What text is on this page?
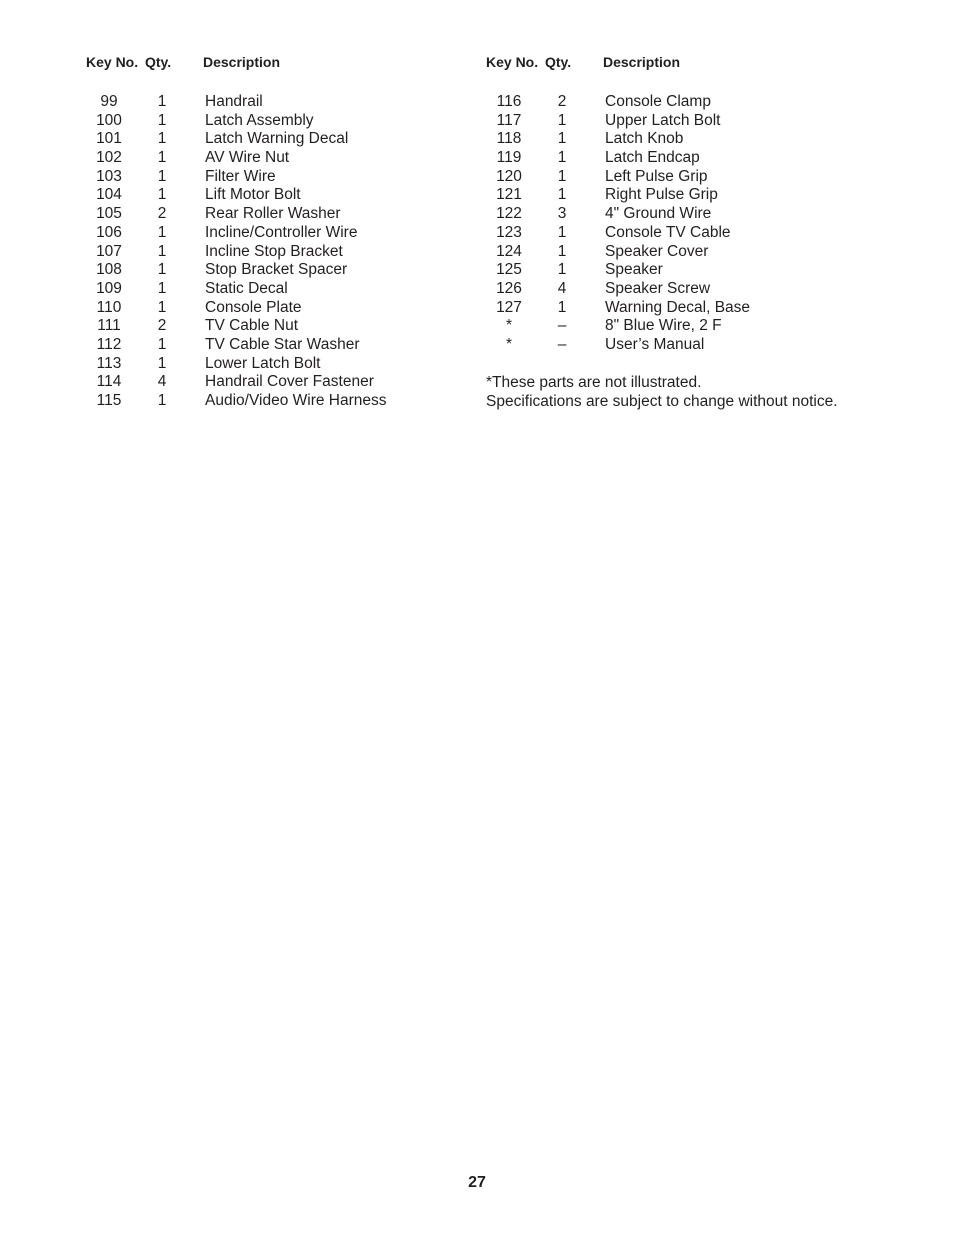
Key No. Qty. Description
99	1	Handrail
100	1	Latch Assembly
101	1	Latch Warning Decal
102	1	AV Wire Nut
103	1	Filter Wire
104	1	Lift Motor Bolt
105	2	Rear Roller Washer
106	1	Incline/Controller Wire
107	1	Incline Stop Bracket
108	1	Stop Bracket Spacer
109	1	Static Decal
110	1	Console Plate
111	2	TV Cable Nut
112	1	TV Cable Star Washer
113	1	Lower Latch Bolt
114	4	Handrail Cover Fastener
115	1	Audio/Video Wire Harness
Key No. Qty. Description
116	2	Console Clamp
117	1	Upper Latch Bolt
118	1	Latch Knob
119	1	Latch Endcap
120	1	Left Pulse Grip
121	1	Right Pulse Grip
122	3	4" Ground Wire
123	1	Console TV Cable
124	1	Speaker Cover
125	1	Speaker
126	4	Speaker Screw
127	1	Warning Decal, Base
*	–	8" Blue Wire, 2 F
*	–	User’s Manual
*These parts are not illustrated.
Specifications are subject to change without notice.
27
